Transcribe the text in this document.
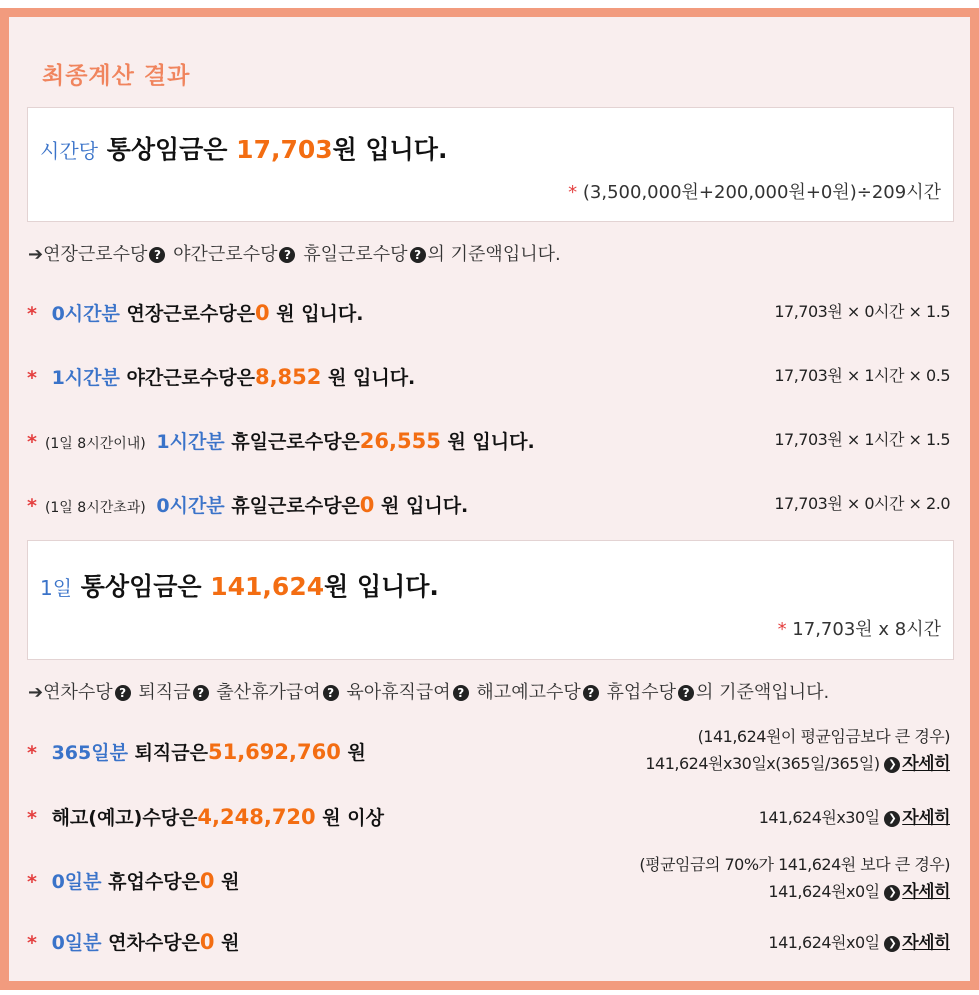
최종계산 결과
시간당 통상임금은 17,703원 입니다.
* (3,500,000원+200,000원+0원)÷209시간
➔연장근로수당 ? 야간근로수당 ? 휴일근로수당 ? 의 기준액입니다.
* 0시간분 연장근로수당은0 원 입니다.	17,703원 × 0시간 × 1.5
* 1시간분 야간근로수당은8,852 원 입니다.	17,703원 × 1시간 × 0.5
* (1일 8시간이내) 1시간분 휴일근로수당은26,555 원 입니다.	17,703원 × 1시간 × 1.5
* (1일 8시간초과) 0시간분 휴일근로수당은0 원 입니다.	17,703원 × 0시간 × 2.0
1일 통상임금은 141,624원 입니다.
* 17,703원 x 8시간
➔연차수당 ? 퇴직금 ? 출산휴가급여 ? 육아휴직급여 ? 해고예고수당 ? 휴업수당 ? 의 기준액입니다.
* 365일분 퇴직금은51,692,760 원
(141,624원이 평균임금보다 큰 경우)
141,624원x30일x(365일/365일) ❯ 자세히
* 해고(예고)수당은4,248,720 원 이상	141,624원x30일 ❯ 자세히
* 0일분 휴업수당은0 원
(평균임금의 70%가 141,624원 보다 큰 경우)
141,624원x0일 ❯ 자세히
* 0일분 연차수당은0 원	141,624원x0일 ❯ 자세히
